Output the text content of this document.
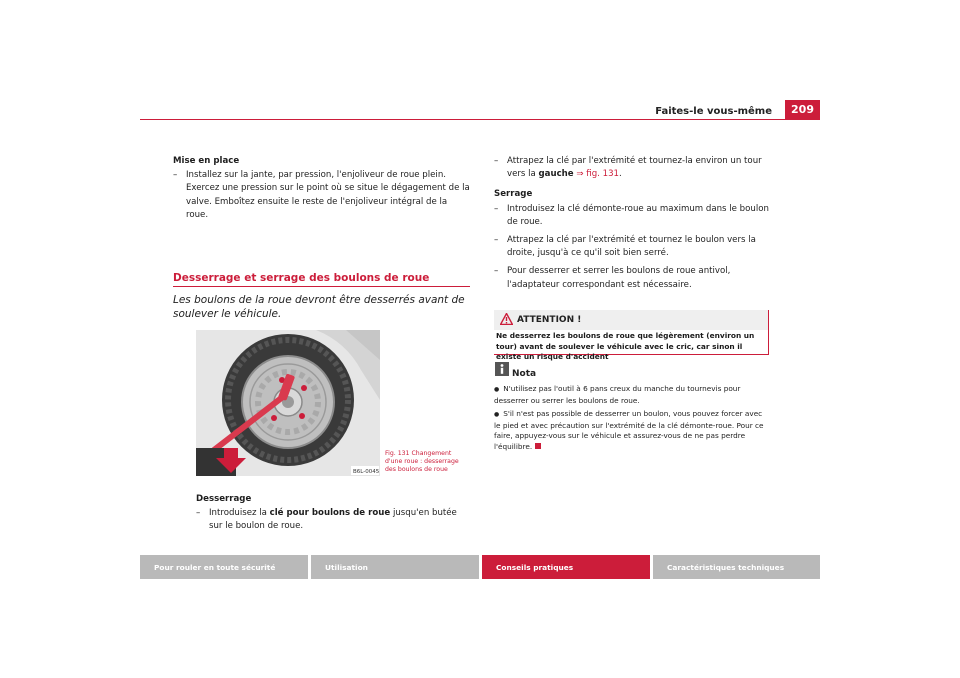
Faites-le vous-même	209
Mise en place
– Installez sur la jante, par pression, l'enjoliveur de roue plein. Exercez une pression sur le point où se situe le dégagement de la valve. Emboîtez ensuite le reste de l'enjoliveur intégral de la roue.
Desserrage et serrage des boulons de roue
Les boulons de la roue devront être desserrés avant de soulever le véhicule.
B6L-0045
Fig. 131 Changement d'une roue : desserrage des boulons de roue
Desserrage
– Introduisez la clé pour boulons de roue jusqu'en butée sur le boulon de roue.
– Attrapez la clé par l'extrémité et tournez-la environ un tour vers la gauche ⇒ fig. 131.
Serrage
– Introduisez la clé démonte-roue au maximum dans le boulon de roue.
– Attrapez la clé par l'extrémité et tournez le boulon vers la droite, jusqu'à ce qu'il soit bien serré.
– Pour desserrer et serrer les boulons de roue antivol, l'adaptateur correspondant est nécessaire.
ATTENTION !
Ne desserrez les boulons de roue que légèrement (environ un tour) avant de soulever le véhicule avec le cric, car sinon il existe un risque d'accident
Nota
● N'utilisez pas l'outil à 6 pans creux du manche du tournevis pour desserrer ou serrer les boulons de roue.
● S'il n'est pas possible de desserrer un boulon, vous pouvez forcer avec le pied et avec précaution sur l'extrémité de la clé démonte-roue. Pour ce faire, appuyez-vous sur le véhicule et assurez-vous de ne pas perdre l'équilibre.
Pour rouler en toute sécurité	Utilisation	Conseils pratiques	Caractéristiques techniques
